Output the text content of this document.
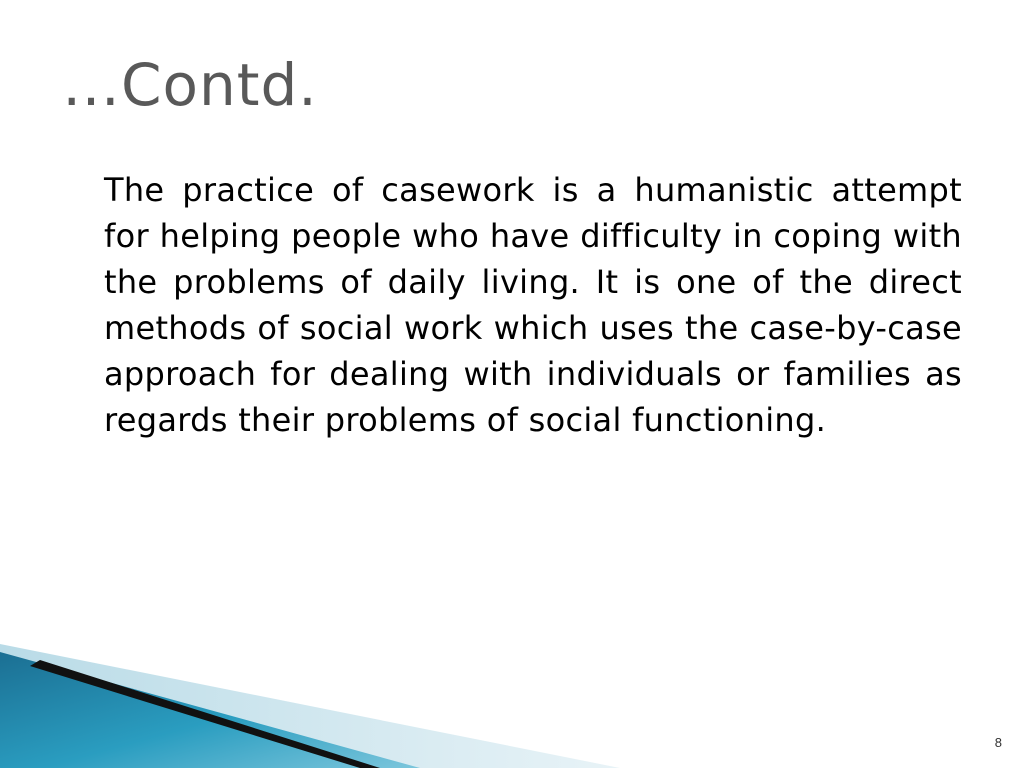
…Contd.

The practice of casework is a humanistic attempt for helping people who have difficulty in coping with the problems of daily living. It is one of the direct methods of social work which uses the case-by-case approach for dealing with individuals or families as regards their problems of social functioning.

8
